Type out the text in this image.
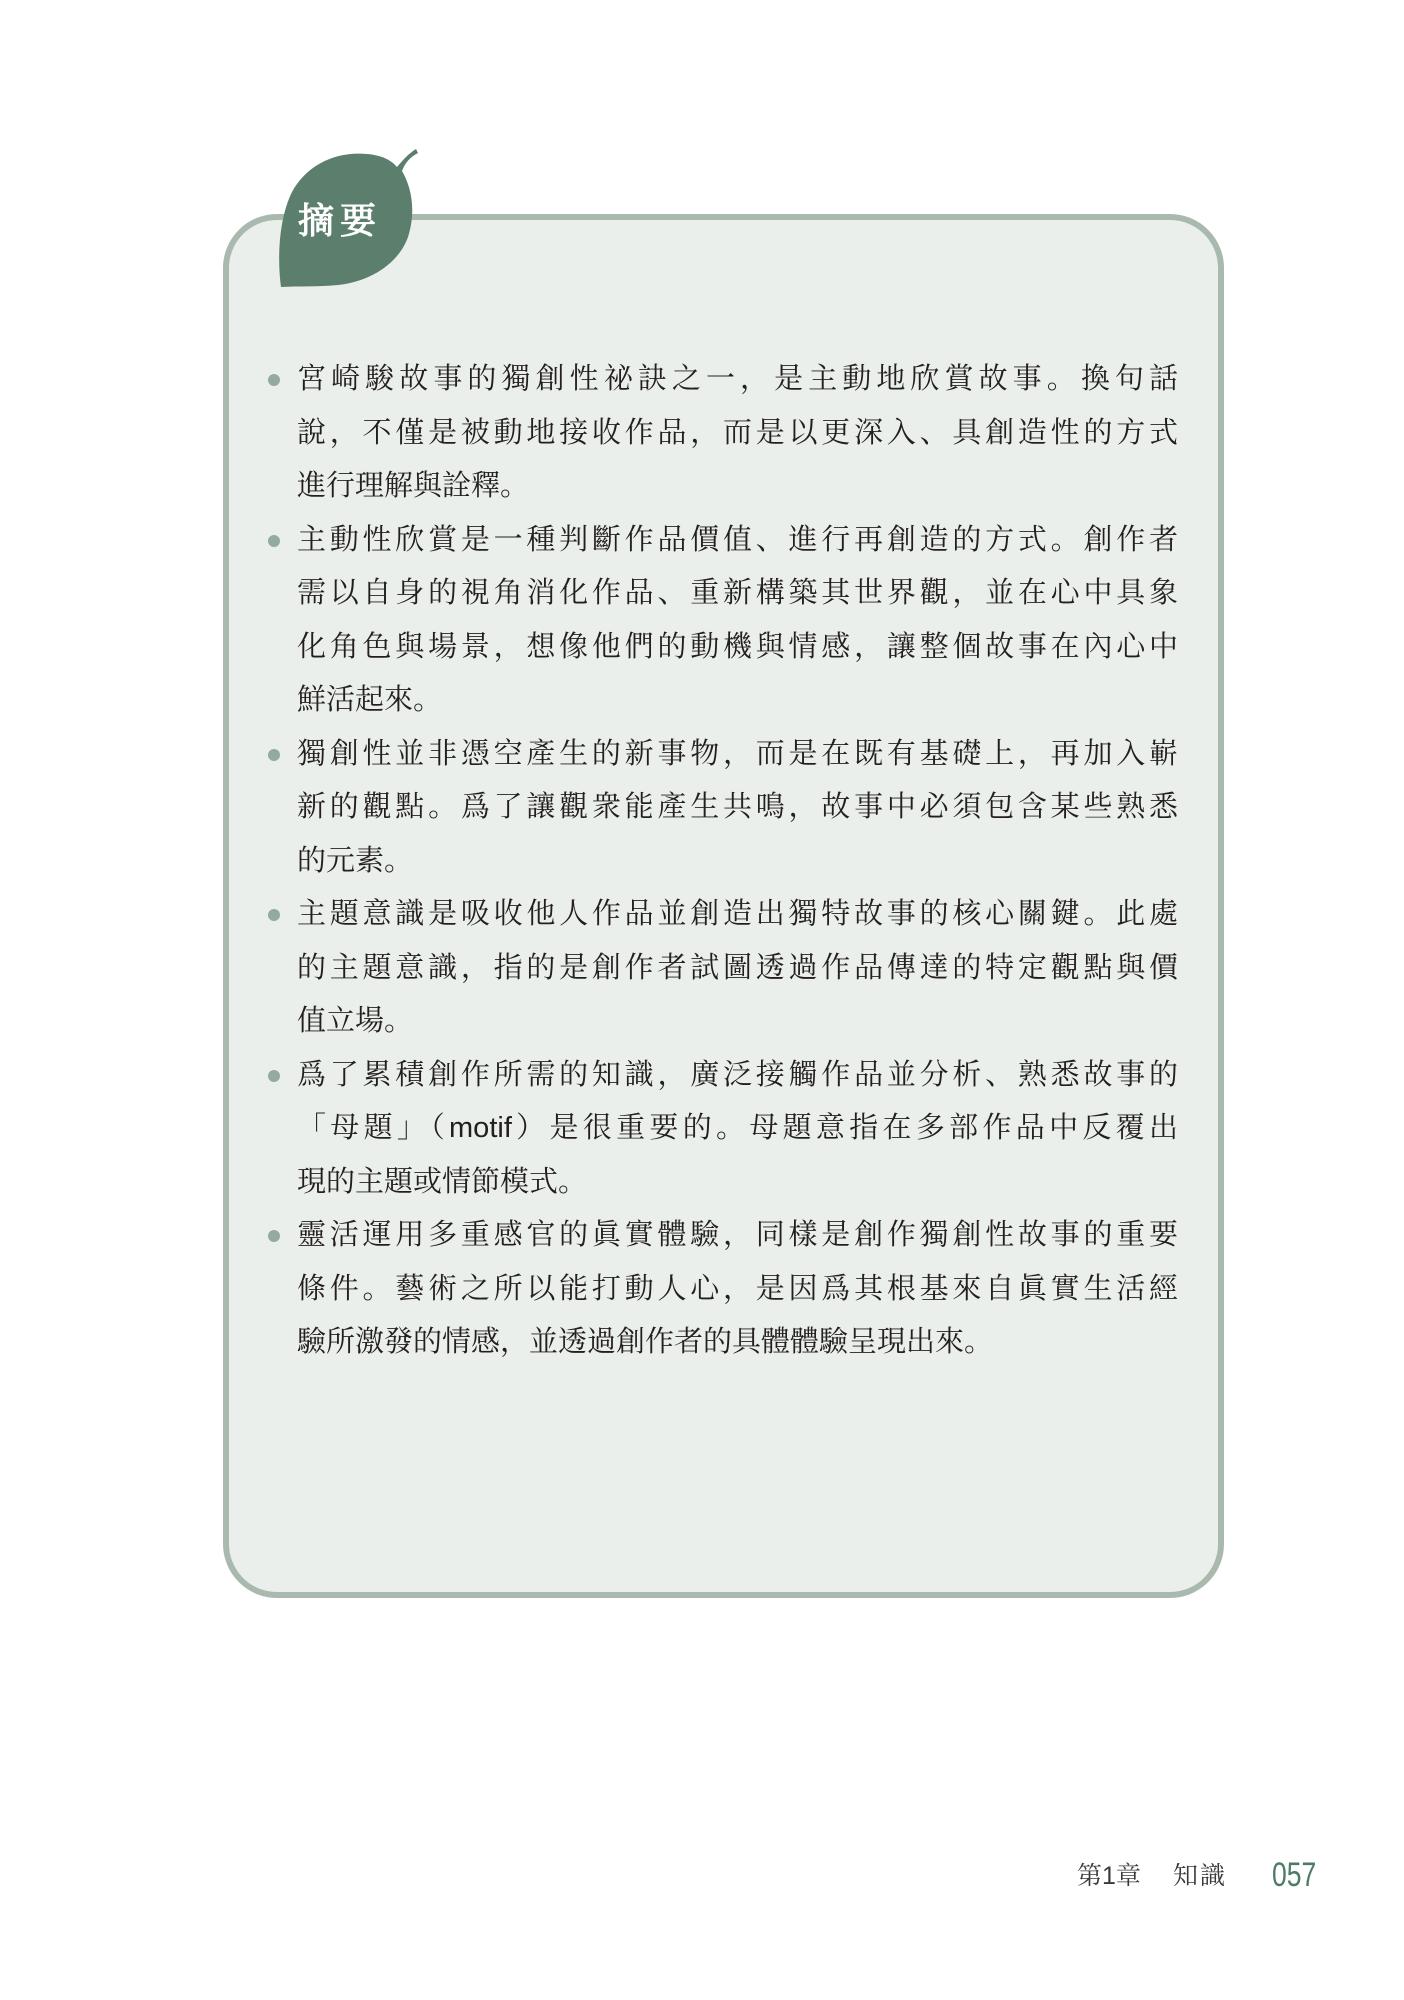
摘要
宮崎駿故事的獨創性祕訣之一，是主動地欣賞故事。換句話
說，不僅是被動地接收作品，而是以更深入、具創造性的方式
進行理解與詮釋。
主動性欣賞是一種判斷作品價值、進行再創造的方式。創作者
需以自身的視角消化作品、重新構築其世界觀，並在心中具象
化角色與場景，想像他們的動機與情感，讓整個故事在內心中
鮮活起來。
獨創性並非憑空產生的新事物，而是在既有基礎上，再加入嶄
新的觀點。爲了讓觀衆能產生共鳴，故事中必須包含某些熟悉
的元素。
主題意識是吸收他人作品並創造出獨特故事的核心關鍵。此處
的主題意識，指的是創作者試圖透過作品傳達的特定觀點與價
值立場。
爲了累積創作所需的知識，廣泛接觸作品並分析、熟悉故事的
「母題」（motif）是很重要的。母題意指在多部作品中反覆出
現的主題或情節模式。
靈活運用多重感官的眞實體驗，同樣是創作獨創性故事的重要
條件。藝術之所以能打動人心，是因爲其根基來自眞實生活經
驗所激發的情感，並透過創作者的具體體驗呈現出來。
第1章 知識 057
